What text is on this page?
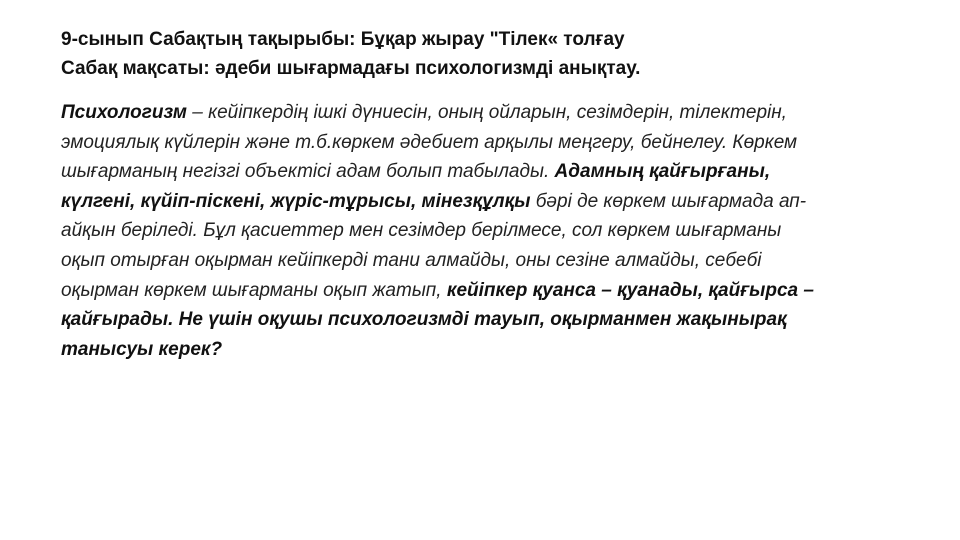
9-сынып Сабақтың тақырыбы: Бұқар жырау "Тілек« толғау
Сабақ мақсаты: әдеби шығармадағы психологизмді анықтау.
Психологизм – кейіпкердің ішкі дүниесін, оның ойларын, сезімдерін, тілектерін,
эмоциялық күйлерін және т.б.көркем әдебиет арқылы меңгеру, бейнелеу. Көркем
шығарманың негізгі объектісі адам болып табылады. Адамның қайғырғаны,
күлгені, күйіп-піскені, жүріс-тұрысы, мінезқұлқы бәрі де көркем шығармада ап-
айқын беріледі. Бұл қасиеттер мен сезімдер берілмесе, сол көркем шығарманы
оқып отырған оқырман кейіпкерді тани алмайды, оны сезіне алмайды, себебі
оқырман көркем шығарманы оқып жатып, кейіпкер қуанса – қуанады, қайғырса –
қайғырады. Не үшін оқушы психологизмді тауып, оқырманмен жақынырақ
танысуы керек?
